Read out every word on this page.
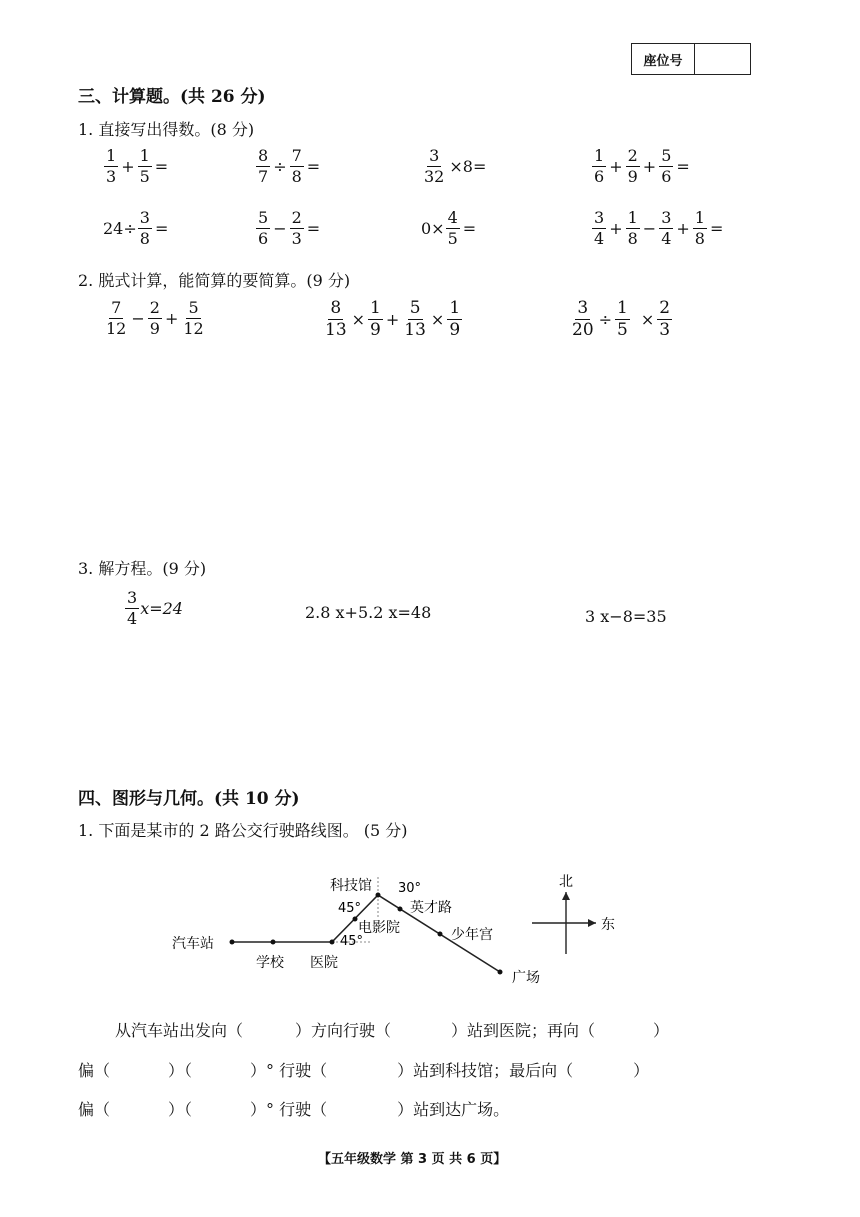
座位号
三、计算题。(共 26 分)
1. 直接写出得数。(8 分)
$\frac{1}{3} + \frac{1}{5}$ =	$\frac{8}{7} \div \frac{7}{8}$ =	$\frac{3}{32} \times 8=$	$\frac{1}{6} + \frac{2}{9} + \frac{5}{6}$ =
$24\div \frac{3}{8}$ =	$\frac{5}{6} - \frac{2}{3}$ =	$0\times \frac{4}{5}$ =	$\frac{3}{4} + \frac{1}{8} - \frac{3}{4} + \frac{1}{8}$ =
2. 脱式计算，能简算的要简算。(9 分)
$\frac{7}{12} - \frac{2}{9} + \frac{5}{12}$	$\frac{8}{13} \times \frac{1}{9} + \frac{5}{13} \times \frac{1}{9}$	$\frac{3}{20} \div \frac{1}{5} \times \frac{2}{3}$
3. 解方程。(9 分)
$\frac{3}{4} x=24$	2.8 x+5.2 x=48	3 x−8=35
四、图形与几何。(共 10 分)
1. 下面是某市的 2 路公交行驶路线图。 (5 分)
汽车站
学校 医院
电影院
科技馆
英才路
少年宫
广场
45°
45°
30°	北
东
从汽车站出发向（	）方向行驶（	）站到医院；再向（	）
偏（	）（	）° 行驶（	）站到科技馆；最后向（	）
偏（	）（	）° 行驶（	）站到达广场。
【五年级数学 第 3 页 共 6 页】
